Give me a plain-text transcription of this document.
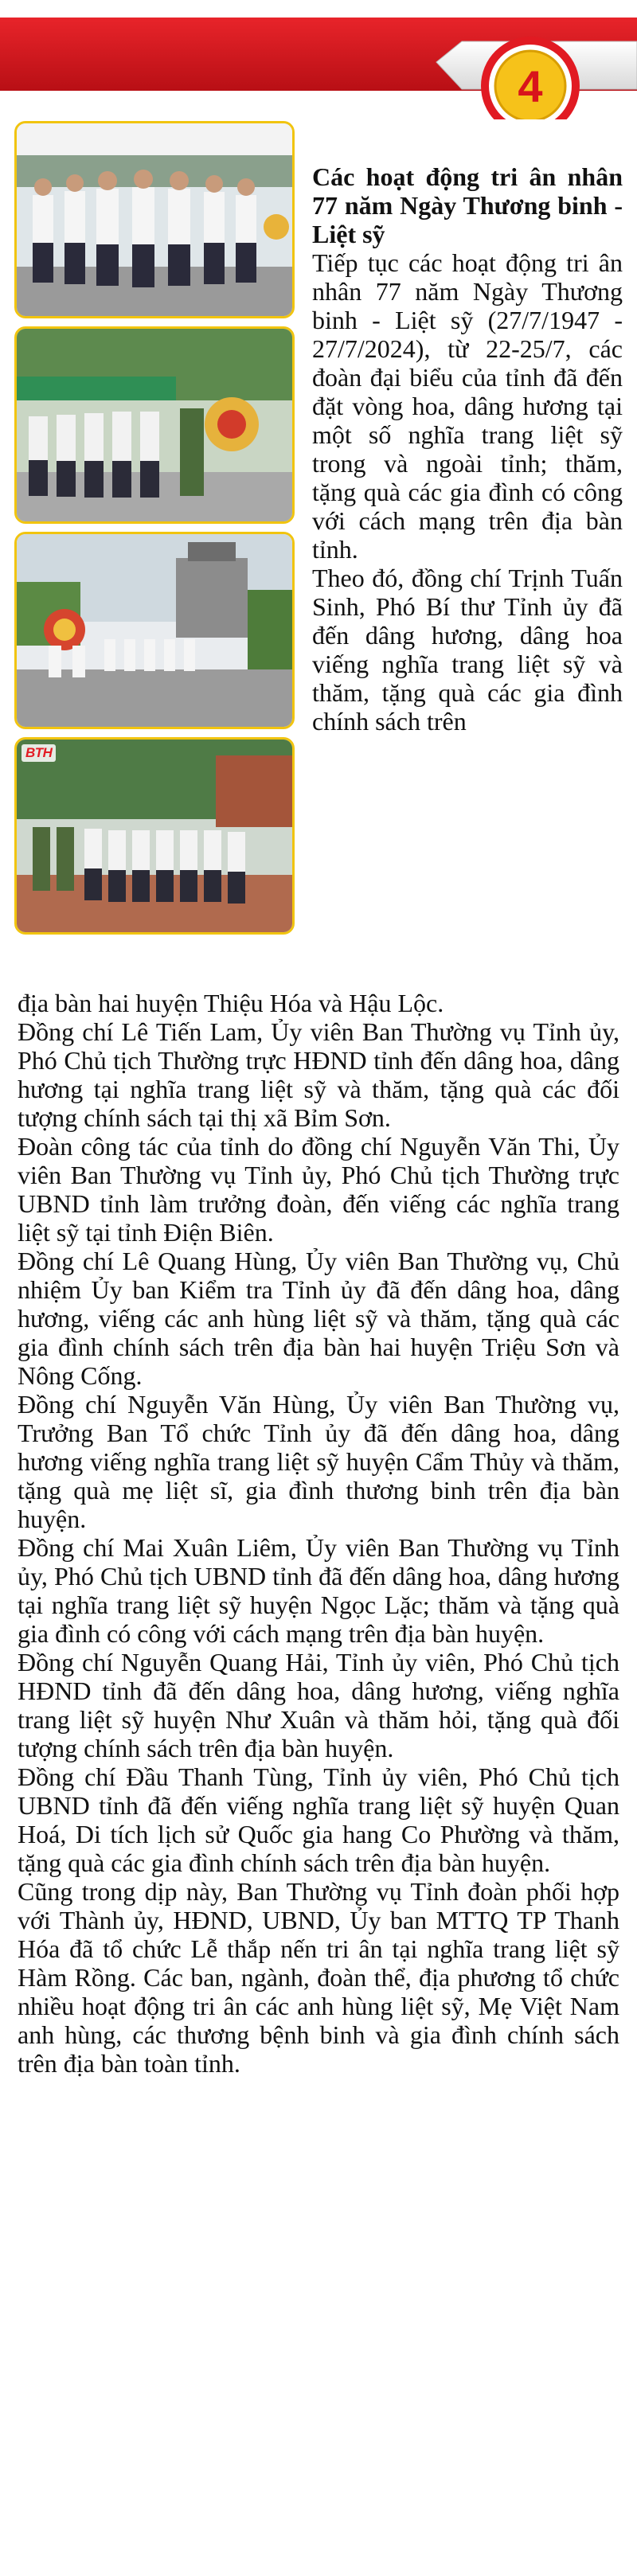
4
BTH
Các hoạt động tri ân nhân 77 năm Ngày Thương binh - Liệt sỹ

Tiếp tục các hoạt động tri ân nhân 77 năm Ngày Thương binh - Liệt sỹ (27/7/1947 - 27/7/2024), từ 22-25/7, các đoàn đại biểu của tỉnh đã đến đặt vòng hoa, dâng hương tại một số nghĩa trang liệt sỹ trong và ngoài tỉnh; thăm, tặng quà các gia đình có công với cách mạng trên địa bàn tỉnh.

Theo đó, đồng chí Trịnh Tuấn Sinh, Phó Bí thư Tỉnh ủy đã đến dâng hương, dâng hoa viếng nghĩa trang liệt sỹ và thăm, tặng quà các gia đình chính sách trên

địa bàn hai huyện Thiệu Hóa và Hậu Lộc.

Đồng chí Lê Tiến Lam, Ủy viên Ban Thường vụ Tỉnh ủy, Phó Chủ tịch Thường trực HĐND tỉnh đến dâng hoa, dâng hương tại nghĩa trang liệt sỹ và thăm, tặng quà các đối tượng chính sách tại thị xã Bỉm Sơn.

Đoàn công tác của tỉnh do đồng chí Nguyễn Văn Thi, Ủy viên Ban Thường vụ Tỉnh ủy, Phó Chủ tịch Thường trực UBND tỉnh làm trưởng đoàn, đến viếng các nghĩa trang liệt sỹ tại tỉnh Điện Biên.

Đồng chí Lê Quang Hùng, Ủy viên Ban Thường vụ, Chủ nhiệm Ủy ban Kiểm tra Tỉnh ủy đã đến dâng hoa, dâng hương, viếng các anh hùng liệt sỹ và thăm, tặng quà các gia đình chính sách trên địa bàn hai huyện Triệu Sơn và Nông Cống.

Đồng chí Nguyễn Văn Hùng, Ủy viên Ban Thường vụ, Trưởng Ban Tổ chức Tỉnh ủy đã đến dâng hoa, dâng hương viếng nghĩa trang liệt sỹ huyện Cẩm Thủy và thăm, tặng quà mẹ liệt sĩ, gia đình thương binh trên địa bàn huyện.

Đồng chí Mai Xuân Liêm, Ủy viên Ban Thường vụ Tỉnh ủy, Phó Chủ tịch UBND tỉnh đã đến dâng hoa, dâng hương tại nghĩa trang liệt sỹ huyện Ngọc Lặc; thăm và tặng quà gia đình có công với cách mạng trên địa bàn huyện.

Đồng chí Nguyễn Quang Hải, Tỉnh ủy viên, Phó Chủ tịch HĐND tỉnh đã đến dâng hoa, dâng hương, viếng nghĩa trang liệt sỹ huyện Như Xuân và thăm hỏi, tặng quà đối tượng chính sách trên địa bàn huyện.

Đồng chí Đầu Thanh Tùng, Tỉnh ủy viên, Phó Chủ tịch UBND tỉnh đã đến viếng nghĩa trang liệt sỹ huyện Quan Hoá, Di tích lịch sử Quốc gia hang Co Phường và thăm, tặng quà các gia đình chính sách trên địa bàn huyện.

Cũng trong dịp này, Ban Thường vụ Tỉnh đoàn phối hợp với Thành ủy, HĐND, UBND, Ủy ban MTTQ TP Thanh Hóa đã tổ chức Lễ thắp nến tri ân tại nghĩa trang liệt sỹ Hàm Rồng. Các ban, ngành, đoàn thể, địa phương tổ chức nhiều hoạt động tri ân các anh hùng liệt sỹ, Mẹ Việt Nam anh hùng, các thương bệnh binh và gia đình chính sách trên địa bàn toàn tỉnh.
